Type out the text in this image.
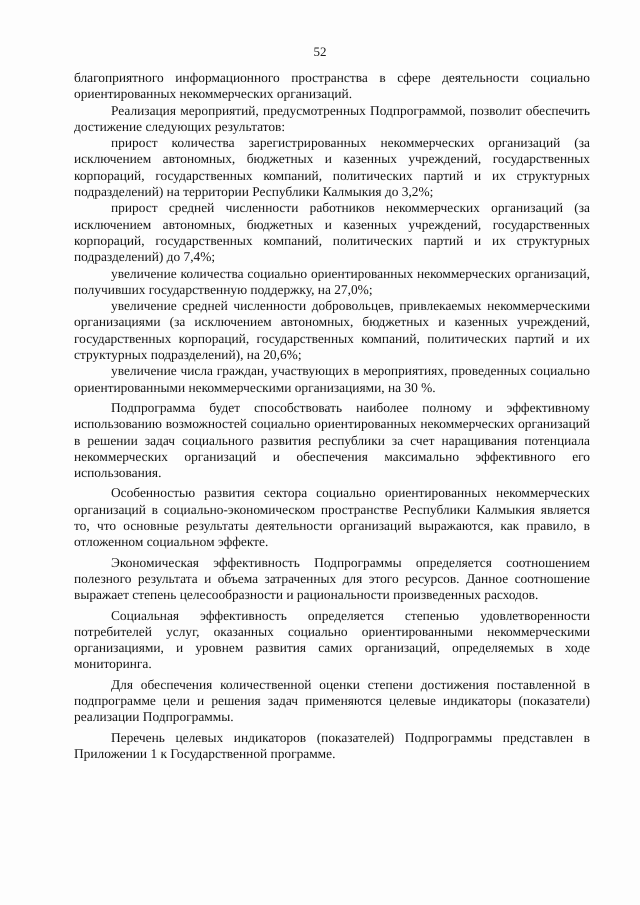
52

благоприятного информационного пространства в сфере деятельности социально ориентированных некоммерческих организаций.

Реализация мероприятий, предусмотренных Подпрограммой, позволит обеспечить достижение следующих результатов:

прирост количества зарегистрированных некоммерческих организаций (за исключением автономных, бюджетных и казенных учреждений, государственных корпораций, государственных компаний, политических партий и их структурных подразделений) на территории Республики Калмыкия до 3,2%;

прирост средней численности работников некоммерческих организаций (за исключением автономных, бюджетных и казенных учреждений, государственных корпораций, государственных компаний, политических партий и их структурных подразделений) до 7,4%;

увеличение количества социально ориентированных некоммерческих организаций, получивших государственную поддержку, на 27,0%;

увеличение средней численности добровольцев, привлекаемых некоммерческими организациями (за исключением автономных, бюджетных и казенных учреждений, государственных корпораций, государственных компаний, политических партий и их структурных подразделений), на 20,6%;

увеличение числа граждан, участвующих в мероприятиях, проведенных социально ориентированными некоммерческими организациями, на 30 %.

Подпрограмма будет способствовать наиболее полному и эффективному использованию возможностей социально ориентированных некоммерческих организаций в решении задач социального развития республики за счет наращивания потенциала некоммерческих организаций и обеспечения максимально эффективного его использования.

Особенностью развития сектора социально ориентированных некоммерческих организаций в социально-экономическом пространстве Республики Калмыкия является то, что основные результаты деятельности организаций выражаются, как правило, в отложенном социальном эффекте.

Экономическая эффективность Подпрограммы определяется соотношением полезного результата и объема затраченных для этого ресурсов. Данное соотношение выражает степень целесообразности и рациональности произведенных расходов.

Социальная эффективность определяется степенью удовлетворенности потребителей услуг, оказанных социально ориентированными некоммерческими организациями, и уровнем развития самих организаций, определяемых в ходе мониторинга.

Для обеспечения количественной оценки степени достижения поставленной в подпрограмме цели и решения задач применяются целевые индикаторы (показатели) реализации Подпрограммы.

Перечень целевых индикаторов (показателей) Подпрограммы представлен в Приложении 1 к Государственной программе.
